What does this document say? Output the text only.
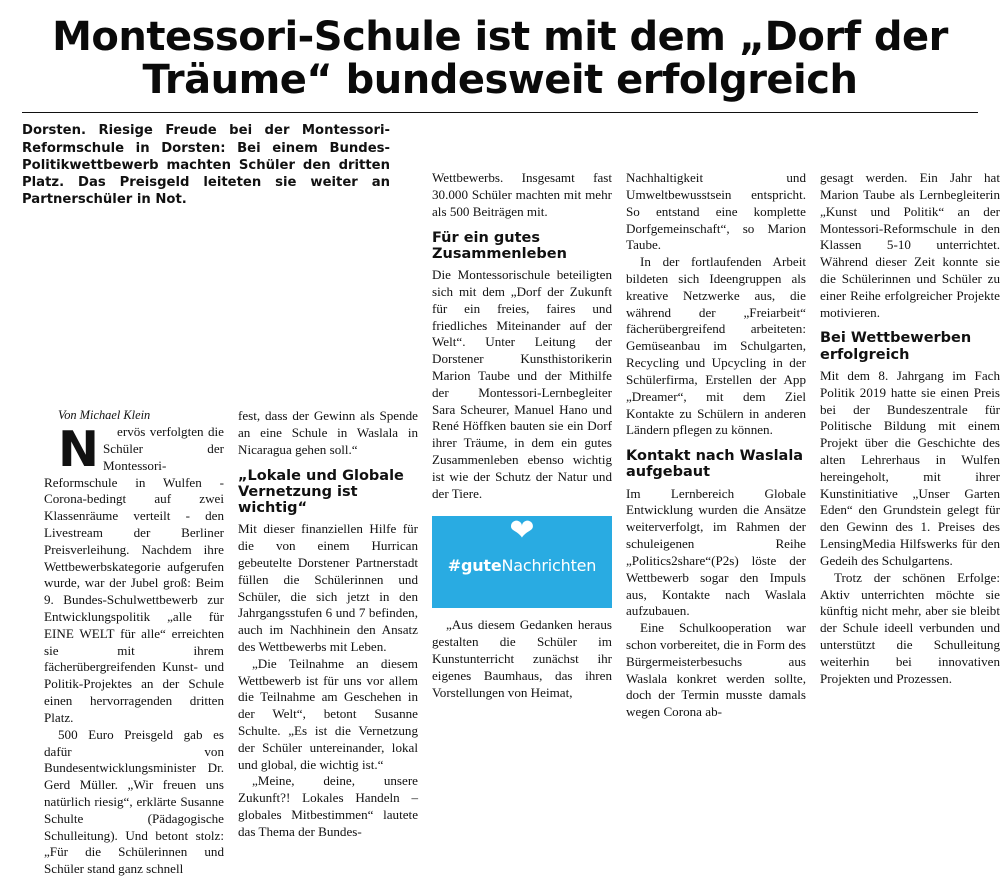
Montessori-Schule ist mit dem „Dorf der Träume“ bundesweit erfolgreich

Dorsten. Riesige Freude bei der Montessori-Reformschule in Dorsten: Bei einem Bundes-Politikwettbewerb machten Schüler den dritten Platz. Das Preisgeld leiteten sie weiter an Partnerschüler in Not.

Von Michael Klein

N	ervös verfolgten die Schüler der Montessori-Reformschule in Wulfen - Corona-bedingt auf zwei Klassenräume verteilt - den Livestream der Berliner Preisverleihung. Nachdem ihre Wettbewerbskategorie aufgerufen wurde, war der Jubel groß: Beim 9. Bundes-Schulwettbewerb zur Entwicklungspolitik „alle für EINE WELT für alle“ erreichten sie mit ihrem fächerübergreifenden Kunst- und Politik-Projektes an der Schule einen hervorragenden dritten Platz.

500 Euro Preisgeld gab es dafür von Bundesentwicklungsminister Dr. Gerd Müller. „Wir freuen uns natürlich riesig“, erklärte Susanne Schulte (Pädagogische Schulleitung). Und betont stolz: „Für die Schülerinnen und Schüler stand ganz schnell

fest, dass der Gewinn als Spende an eine Schule in Waslala in Nicaragua gehen soll.“

„Lokale und Globale Vernetzung ist wichtig“

Mit dieser finanziellen Hilfe für die von einem Hurrican gebeutelte Dorstener Partnerstadt füllen die Schülerinnen und Schüler, die sich jetzt in den Jahrgangsstufen 6 und 7 befinden, auch im Nachhinein den Ansatz des Wettbewerbs mit Leben.

„Die Teilnahme an diesem Wettbewerb ist für uns vor allem die Teilnahme am Geschehen in der Welt“, betont Susanne Schulte. „Es ist die Vernetzung der Schüler untereinander, lokal und global, die wichtig ist.“

„Meine, deine, unsere Zukunft?! Lokales Handeln – globales Mitbestimmen“ lautete das Thema der Bundes-

Wettbewerbs. Insgesamt fast 30.000 Schüler machten mit mehr als 500 Beiträgen mit.

Für ein gutes Zusammenleben

Die Montessorischule beteiligten sich mit dem „Dorf der Zukunft für ein freies, faires und friedliches Miteinander auf der Welt“. Unter Leitung der Dorstener Kunsthistorikerin Marion Taube und der Mithilfe der Montessori-Lernbegleiter Sara Scheurer, Manuel Hano und René Höffken bauten sie ein Dorf ihrer Träume, in dem ein gutes Zusammenleben ebenso wichtig ist wie der Schutz der Natur und der Tiere.

❤
#guteNachrichten

„Aus diesem Gedanken heraus gestalten die Schüler im Kunstunterricht zunächst ihr eigenes Baumhaus, das ihren Vorstellungen von Heimat,

Nachhaltigkeit und Umweltbewusstsein entspricht. So entstand eine komplette Dorfgemeinschaft“, so Marion Taube.

In der fortlaufenden Arbeit bildeten sich Ideengruppen als kreative Netzwerke aus, die während der „Freiarbeit“ fächerübergreifend arbeiteten: Gemüseanbau im Schulgarten, Recycling und Upcycling in der Schülerfirma, Erstellen der App „Dreamer“, mit dem Ziel Kontakte zu Schülern in anderen Ländern pflegen zu können.

Kontakt nach Waslala aufgebaut

Im Lernbereich Globale Entwicklung wurden die Ansätze weiterverfolgt, im Rahmen der schuleigenen Reihe „Politics2share“(P2s) löste der Wettbewerb sogar den Impuls aus, Kontakte nach Waslala aufzubauen.

Eine Schulkooperation war schon vorbereitet, die in Form des Bürgermeisterbesuchs aus Waslala konkret werden sollte, doch der Termin musste damals wegen Corona ab-

gesagt werden. Ein Jahr hat Marion Taube als Lernbegleiterin „Kunst und Politik“ an der Montessori-Reformschule in den Klassen 5-10 unterrichtet. Während dieser Zeit konnte sie die Schülerinnen und Schüler zu einer Reihe erfolgreicher Projekte motivieren.

Bei Wettbewerben erfolgreich

Mit dem 8. Jahrgang im Fach Politik 2019 hatte sie einen Preis bei der Bundeszentrale für Politische Bildung mit einem Projekt über die Geschichte des alten Lehrerhaus in Wulfen hereingeholt, mit ihrer Kunstinitiative „Unser Garten Eden“ den Grundstein gelegt für den Gewinn des 1. Preises des LensingMedia Hilfswerks für den Gedeih des Schulgartens.

Trotz der schönen Erfolge: Aktiv unterrichten möchte sie künftig nicht mehr, aber sie bleibt der Schule ideell verbunden und unterstützt die Schulleitung weiterhin bei innovativen Projekten und Prozessen.
